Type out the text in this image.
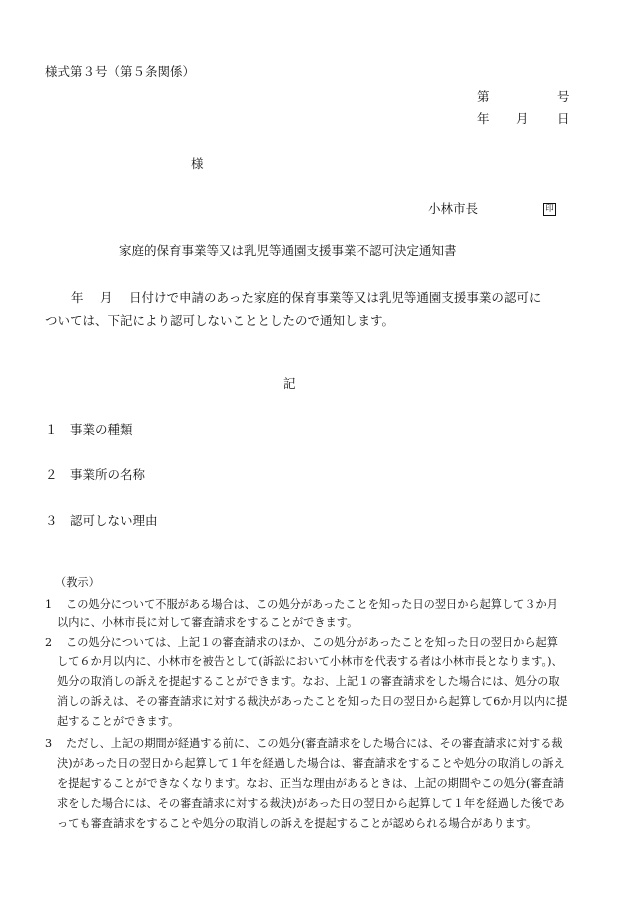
様式第３号（第５条関係）
第	号
年 月 日
様
小林市長	印
家庭的保育事業等又は乳児等通園支援事業不認可決定通知書
年　 月　 日付けで申請のあった家庭的保育事業等又は乳児等通園支援事業の認可に
ついては、下記により認可しないこととしたので通知します。
記
１ 事業の種類
２ 事業所の名称
３ 認可しない理由
（教示）
1 この処分について不服がある場合は、この処分があったことを知った日の翌日から起算して３か月
以内に、小林市長に対して審査請求をすることができます。
2 この処分については、上記１の審査請求のほか、この処分があったことを知った日の翌日から起算
して６か月以内に、小林市を被告として(訴訟において小林市を代表する者は小林市長となります。)、
処分の取消しの訴えを提起することができます。なお、上記１の審査請求をした場合には、処分の取
消しの訴えは、その審査請求に対する裁決があったことを知った日の翌日から起算して6か月以内に提
起することができます。
3 ただし、上記の期間が経過する前に、この処分(審査請求をした場合には、その審査請求に対する裁
決)があった日の翌日から起算して１年を経過した場合は、審査請求をすることや処分の取消しの訴え
を提起することができなくなります。なお、正当な理由があるときは、上記の期間やこの処分(審査請
求をした場合には、その審査請求に対する裁決)があった日の翌日から起算して１年を経過した後であ
っても審査請求をすることや処分の取消しの訴えを提起することが認められる場合があります。
